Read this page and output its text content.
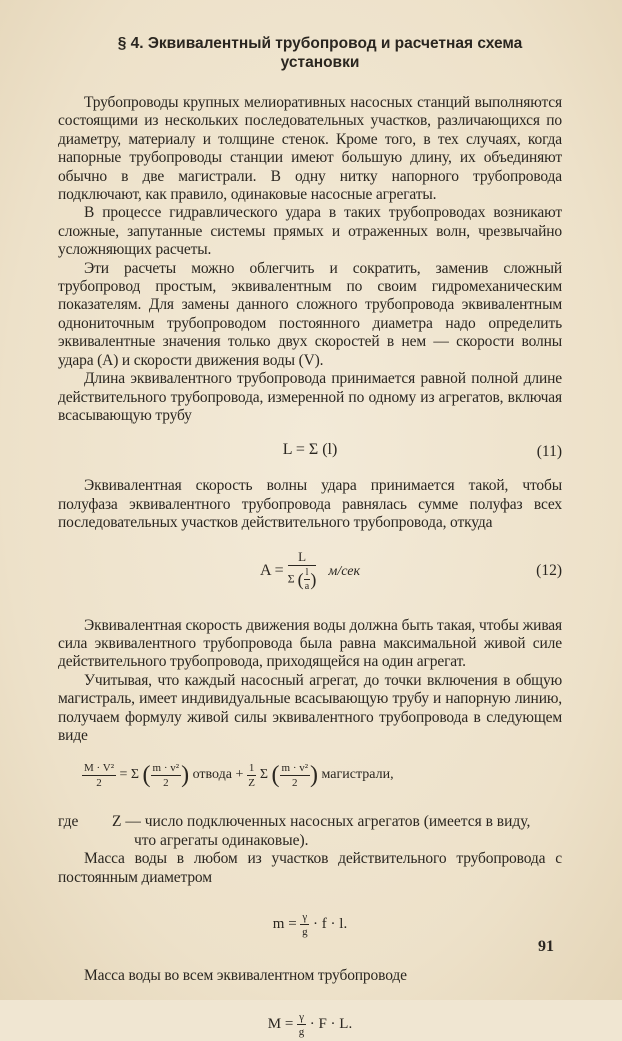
§ 4. Эквивалентный трубопровод и расчетная схема
установки

Трубопроводы крупных мелиоративных насосных станций выполняются состоящими из нескольких последовательных участков, различающихся по диаметру, материалу и толщине стенок. Кроме того, в тех случаях, когда напорные трубопроводы станции имеют большую длину, их объединяют обычно в две магистрали. В одну нитку напорного трубопровода подключают, как правило, одинаковые насосные агрегаты.

В процессе гидравлического удара в таких трубопроводах возникают сложные, запутанные системы прямых и отраженных волн, чрезвычайно усложняющих расчеты.

Эти расчеты можно облегчить и сократить, заменив сложный трубопровод простым, эквивалентным по своим гидромеханическим показателям. Для замены данного сложного трубопровода эквивалентным однониточным трубопроводом постоянного диаметра надо определить эквивалентные значения только двух скоростей в нем — скорости волны удара (A) и скорости движения воды (V).

Длина эквивалентного трубопровода принимается равной полной длине действительного трубопровода, измеренной по одному из агрегатов, включая всасывающую трубу

L = Σ (l)	(11)

Эквивалентная скорость волны удара принимается такой, чтобы полуфаза эквивалентного трубопровода равнялась сумме полуфаз всех последовательных участков действительного трубопровода, откуда

$A = \frac{L}{\Sigma ( \frac{l}{a} )} м/сек$	(12)

Эквивалентная скорость движения воды должна быть такая, чтобы живая сила эквивалентного трубопровода была равна максимальной живой силе действительного трубопровода, приходящейся на один агрегат.

Учитывая, что каждый насосный агрегат, до точки включения в общую магистраль, имеет индивидуальные всасывающую трубу и напорную линию, получаем формулу живой силы эквивалентного трубопровода в следующем виде

$\frac{\text{M · V²}}{2} = \Sigma$ ( $\frac{\text{m · v²}}{2}$ ) отвода + $\frac{1}{Z}$ Σ ( $\frac{\text{m · v²}}{2}$ ) магистрали,
где	Z — число подключенных насосных агрегатов (имеется в виду,
что агрегаты одинаковые).

Масса воды в любом из участков действительного трубопровода с постоянным диаметром

$m = \frac{\gamma}{g} \cdot f \cdot l$.

Масса воды во всем эквивалентном трубопроводе

$M = \frac{\gamma}{g} \cdot F \cdot L$.
91
